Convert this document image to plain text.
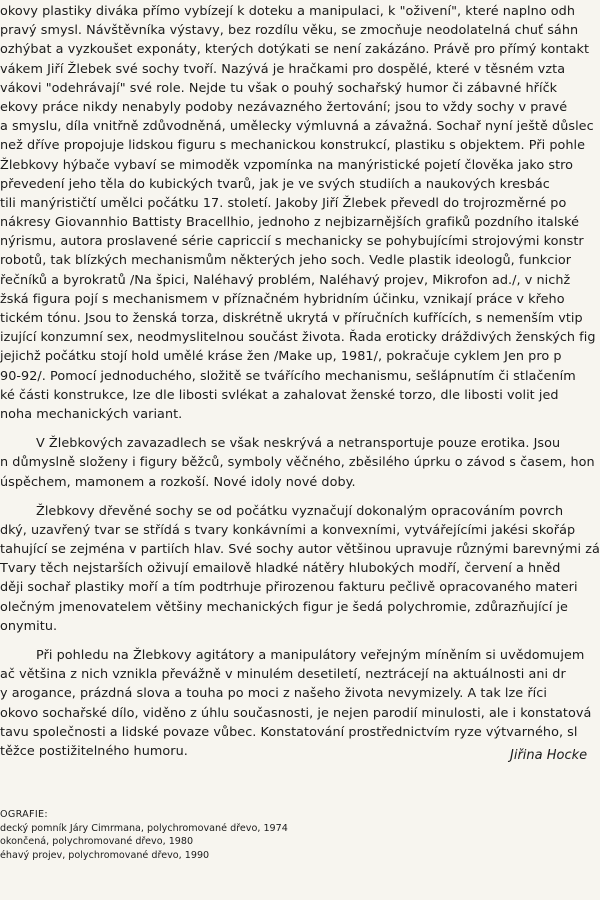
okovy plastiky diváka přímo vybízejí k doteku a manipulaci, k "oživení", které naplno odh
pravý smysl. Návštěvníka výstavy, bez rozdílu věku, se zmocňuje neodolatelná chuť sáhn
ozhýbat a vyzkoušet exponáty, kterých dotýkati se není zakázáno. Právě pro přímý kontakt
vákem Jiří Žlebek své sochy tvoří. Nazývá je hračkami pro dospělé, které v těsném vzta
vákovi "odehrávají" své role. Nejde tu však o pouhý sochařský humor či zábavné hříčk
ekovy práce nikdy nenabyly podoby nezávazného žertování; jsou to vždy sochy v pravé
a smyslu, díla vnitřně zdůvodněná, umělecky výmluvná a závažná. Sochař nyní ještě důslec
než dříve propojuje lidskou figuru s mechanickou konstrukcí, plastiku s objektem. Při pohle
Žlebkovy hýbače vybaví se mimoděk vzpomínka na manýristické pojetí člověka jako stro
převedení jeho těla do kubických tvarů, jak je ve svých studiích a naukových kresbác
tili manýrističtí umělci počátku 17. století. Jakoby Jiří Žlebek převedl do trojrozměrné po
nákresy Giovannhio Battisty Bracellhio, jednoho z nejbizarnějších grafiků pozdního italské
nýrismu, autora proslavené série capriccií s mechanicky se pohybujícími strojovými konstr
robotů, tak blízkých mechanismům některých jeho soch. Vedle plastik ideologů, funkcior
řečníků a byrokratů /Na špici, Naléhavý problém, Naléhavý projev, Mikrofon ad./, v nichž
žská figura pojí s mechanismem v příznačném hybridním účinku, vznikají práce v křeho
tickém tónu. Jsou to ženská torza, diskrétně ukrytá v příručních kufřících, s nemenším vtip
izující konzumní sex, neodmyslitelnou součást života. Řada eroticky dráždivých ženských fig
jejichž počátku stojí hold umělé kráse žen /Make up, 1981/, pokračuje cyklem Jen pro p
90-92/. Pomocí jednoduchého, složitě se tvářícího mechanismu, sešlápnutím či stlačením
ké části konstrukce, lze dle libosti svlékat a zahalovat ženské torzo, dle libosti volit jed
noha mechanických variant.
V Žlebkových zavazadlech se však neskrývá a netransportuje pouze erotika. Jsou
n důmyslně složeny i figury běžců, symboly věčného, zběsilého úprku o závod s časem, hon
úspěchem, mamonem a rozkoší. Nové idoly nové doby.
Žlebkovy dřevěné sochy se od počátku vyznačují dokonalým opracováním povrch
dký, uzavřený tvar se střídá s tvary konkávními a konvexními, vytvářejícími jakési skořáp
tahující se zejména v partiích hlav. Své sochy autor většinou upravuje různými barevnými zá
Tvary těch nejstarších oživují emailově hladké nátěry hlubokých modří, červení a hněd
ději sochař plastiky moří a tím podtrhuje přirozenou fakturu pečlivě opracovaného materi
olečným jmenovatelem většiny mechanických figur je šedá polychromie, zdůrazňující je
onymitu.
Při pohledu na Žlebkovy agitátory a manipulátory veřejným míněním si uvědomujem
ač většina z nich vznikla převážně v minulém desetiletí, neztrácejí na aktuálnosti ani dr
y arogance, prázdná slova a touha po moci z našeho života nevymizely. A tak lze říci
okovo sochařské dílo, viděno z úhlu současnosti, je nejen parodií minulosti, ale i konstatová
tavu společnosti a lidské povaze vůbec. Konstatování prostřednictvím ryze výtvarného, sl
těžce postižitelného humoru.	Jiřina Hocke
OGRAFIE:
decký pomník Járy Cimrmana, polychromované dřevo, 1974
okončená, polychromované dřevo, 1980
éhavý projev, polychromované dřevo, 1990
